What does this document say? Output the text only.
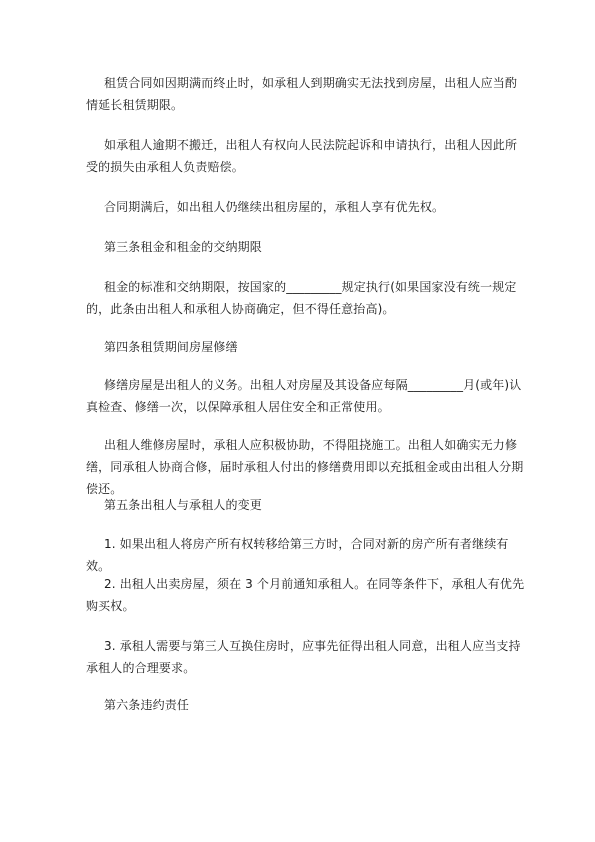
租赁合同如因期满而终止时，如承租人到期确实无法找到房屋，出租人应当酌情延长租赁期限。

如承租人逾期不搬迁，出租人有权向人民法院起诉和申请执行，出租人因此所受的损失由承租人负责赔偿。

合同期满后，如出租人仍继续出租房屋的，承租人享有优先权。

第三条租金和租金的交纳期限

租金的标准和交纳期限，按国家的_________规定执行(如果国家没有统一规定的，此条由出租人和承租人协商确定，但不得任意抬高)。

第四条租赁期间房屋修缮

修缮房屋是出租人的义务。出租人对房屋及其设备应每隔_________月(或年)认真检查、修缮一次，以保障承租人居住安全和正常使用。

出租人维修房屋时，承租人应积极协助，不得阻挠施工。出租人如确实无力修缮，同承租人协商合修，届时承租人付出的修缮费用即以充抵租金或由出租人分期偿还。

第五条出租人与承租人的变更

1. 如果出租人将房产所有权转移给第三方时，合同对新的房产所有者继续有效。

2. 出租人出卖房屋，须在 3 个月前通知承租人。在同等条件下，承租人有优先购买权。

3. 承租人需要与第三人互换住房时，应事先征得出租人同意，出租人应当支持承租人的合理要求。

第六条违约责任
